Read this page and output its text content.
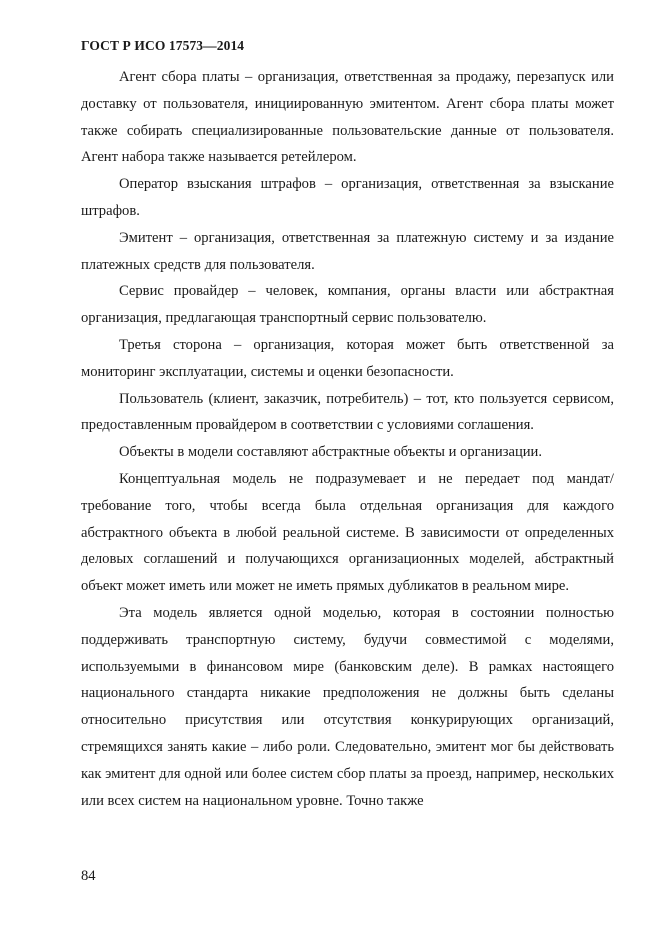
ГОСТ Р ИСО 17573—2014

Агент сбора платы – организация, ответственная за продажу, перезапуск или доставку от пользователя, инициированную эмитентом. Агент сбора платы может также собирать специализированные пользовательские данные от пользователя. Агент набора также называется ретейлером.

Оператор взыскания штрафов – организация, ответственная за взыскание штрафов.

Эмитент – организация, ответственная за платежную систему и за издание платежных средств для пользователя.

Сервис провайдер – человек, компания, органы власти или абстрактная организация, предлагающая транспортный сервис пользователю.

Третья сторона – организация, которая может быть ответственной за мониторинг эксплуатации, системы и оценки безопасности.

Пользователь (клиент, заказчик, потребитель) – тот, кто пользуется сервисом, предоставленным провайдером в соответствии с условиями соглашения.

Объекты в модели составляют абстрактные объекты и организации.

Концептуальная модель не подразумевает и не передает под мандат/ требование того, чтобы всегда была отдельная организация для каждого абстрактного объекта в любой реальной системе. В зависимости от определенных деловых соглашений и получающихся организационных моделей, абстрактный объект может иметь или может не иметь прямых дубликатов в реальном мире.

Эта модель является одной моделью, которая в состоянии полностью поддерживать транспортную систему, будучи совместимой с моделями, используемыми в финансовом мире (банковским деле). В рамках настоящего национального стандарта никакие предположения не должны быть сделаны относительно присутствия или отсутствия конкурирующих организаций, стремящихся занять какие – либо роли. Следовательно, эмитент мог бы действовать как эмитент для одной или более систем сбор платы за проезд, например, нескольких или всех систем на национальном уровне. Точно также

84
